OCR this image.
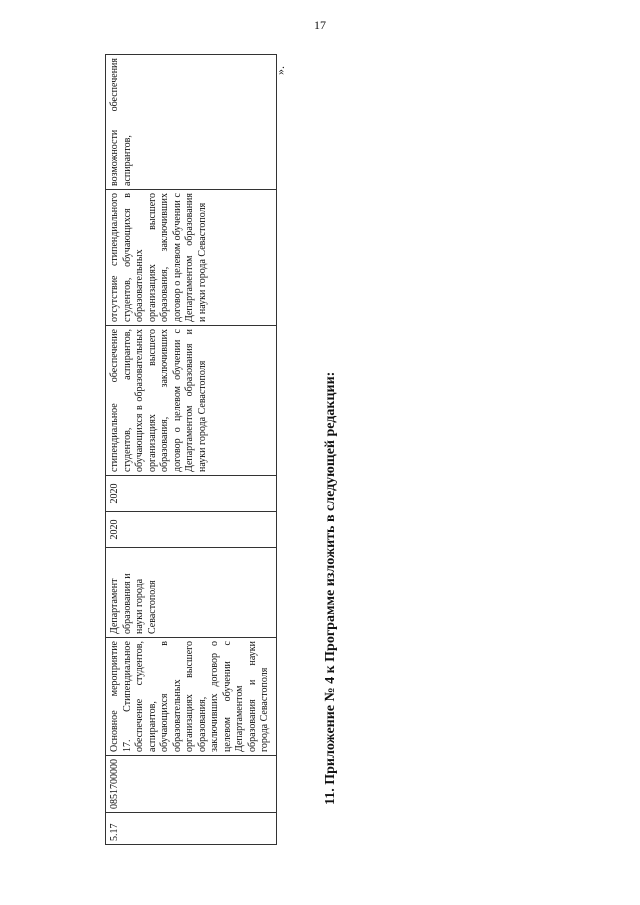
17
5.17	0851700000	Основное мероприятие 17. Стипендиальное обеспечение студентов, аспирантов, обучающихся в образовательных организациях высшего образования, заключивших договор о целевом обучении с Департаментом образования и науки города Севастополя	Департамент образования и науки города Севастополя	2020	2020	стипендиальное обеспечение студентов, аспирантов, обучающихся в образовательных организациях высшего образования, заключивших договор о целевом обучении с Департаментом образования и науки города Севастополя	отсутствие стипендиального студентов, обучающихся в образовательных организациях высшего образования, заключивших договор о целевом обучении с Департаментом образования и науки города Севастополя	возможности обеспечения аспирантов,
».
11. Приложение № 4 к Программе изложить в следующей редакции:
